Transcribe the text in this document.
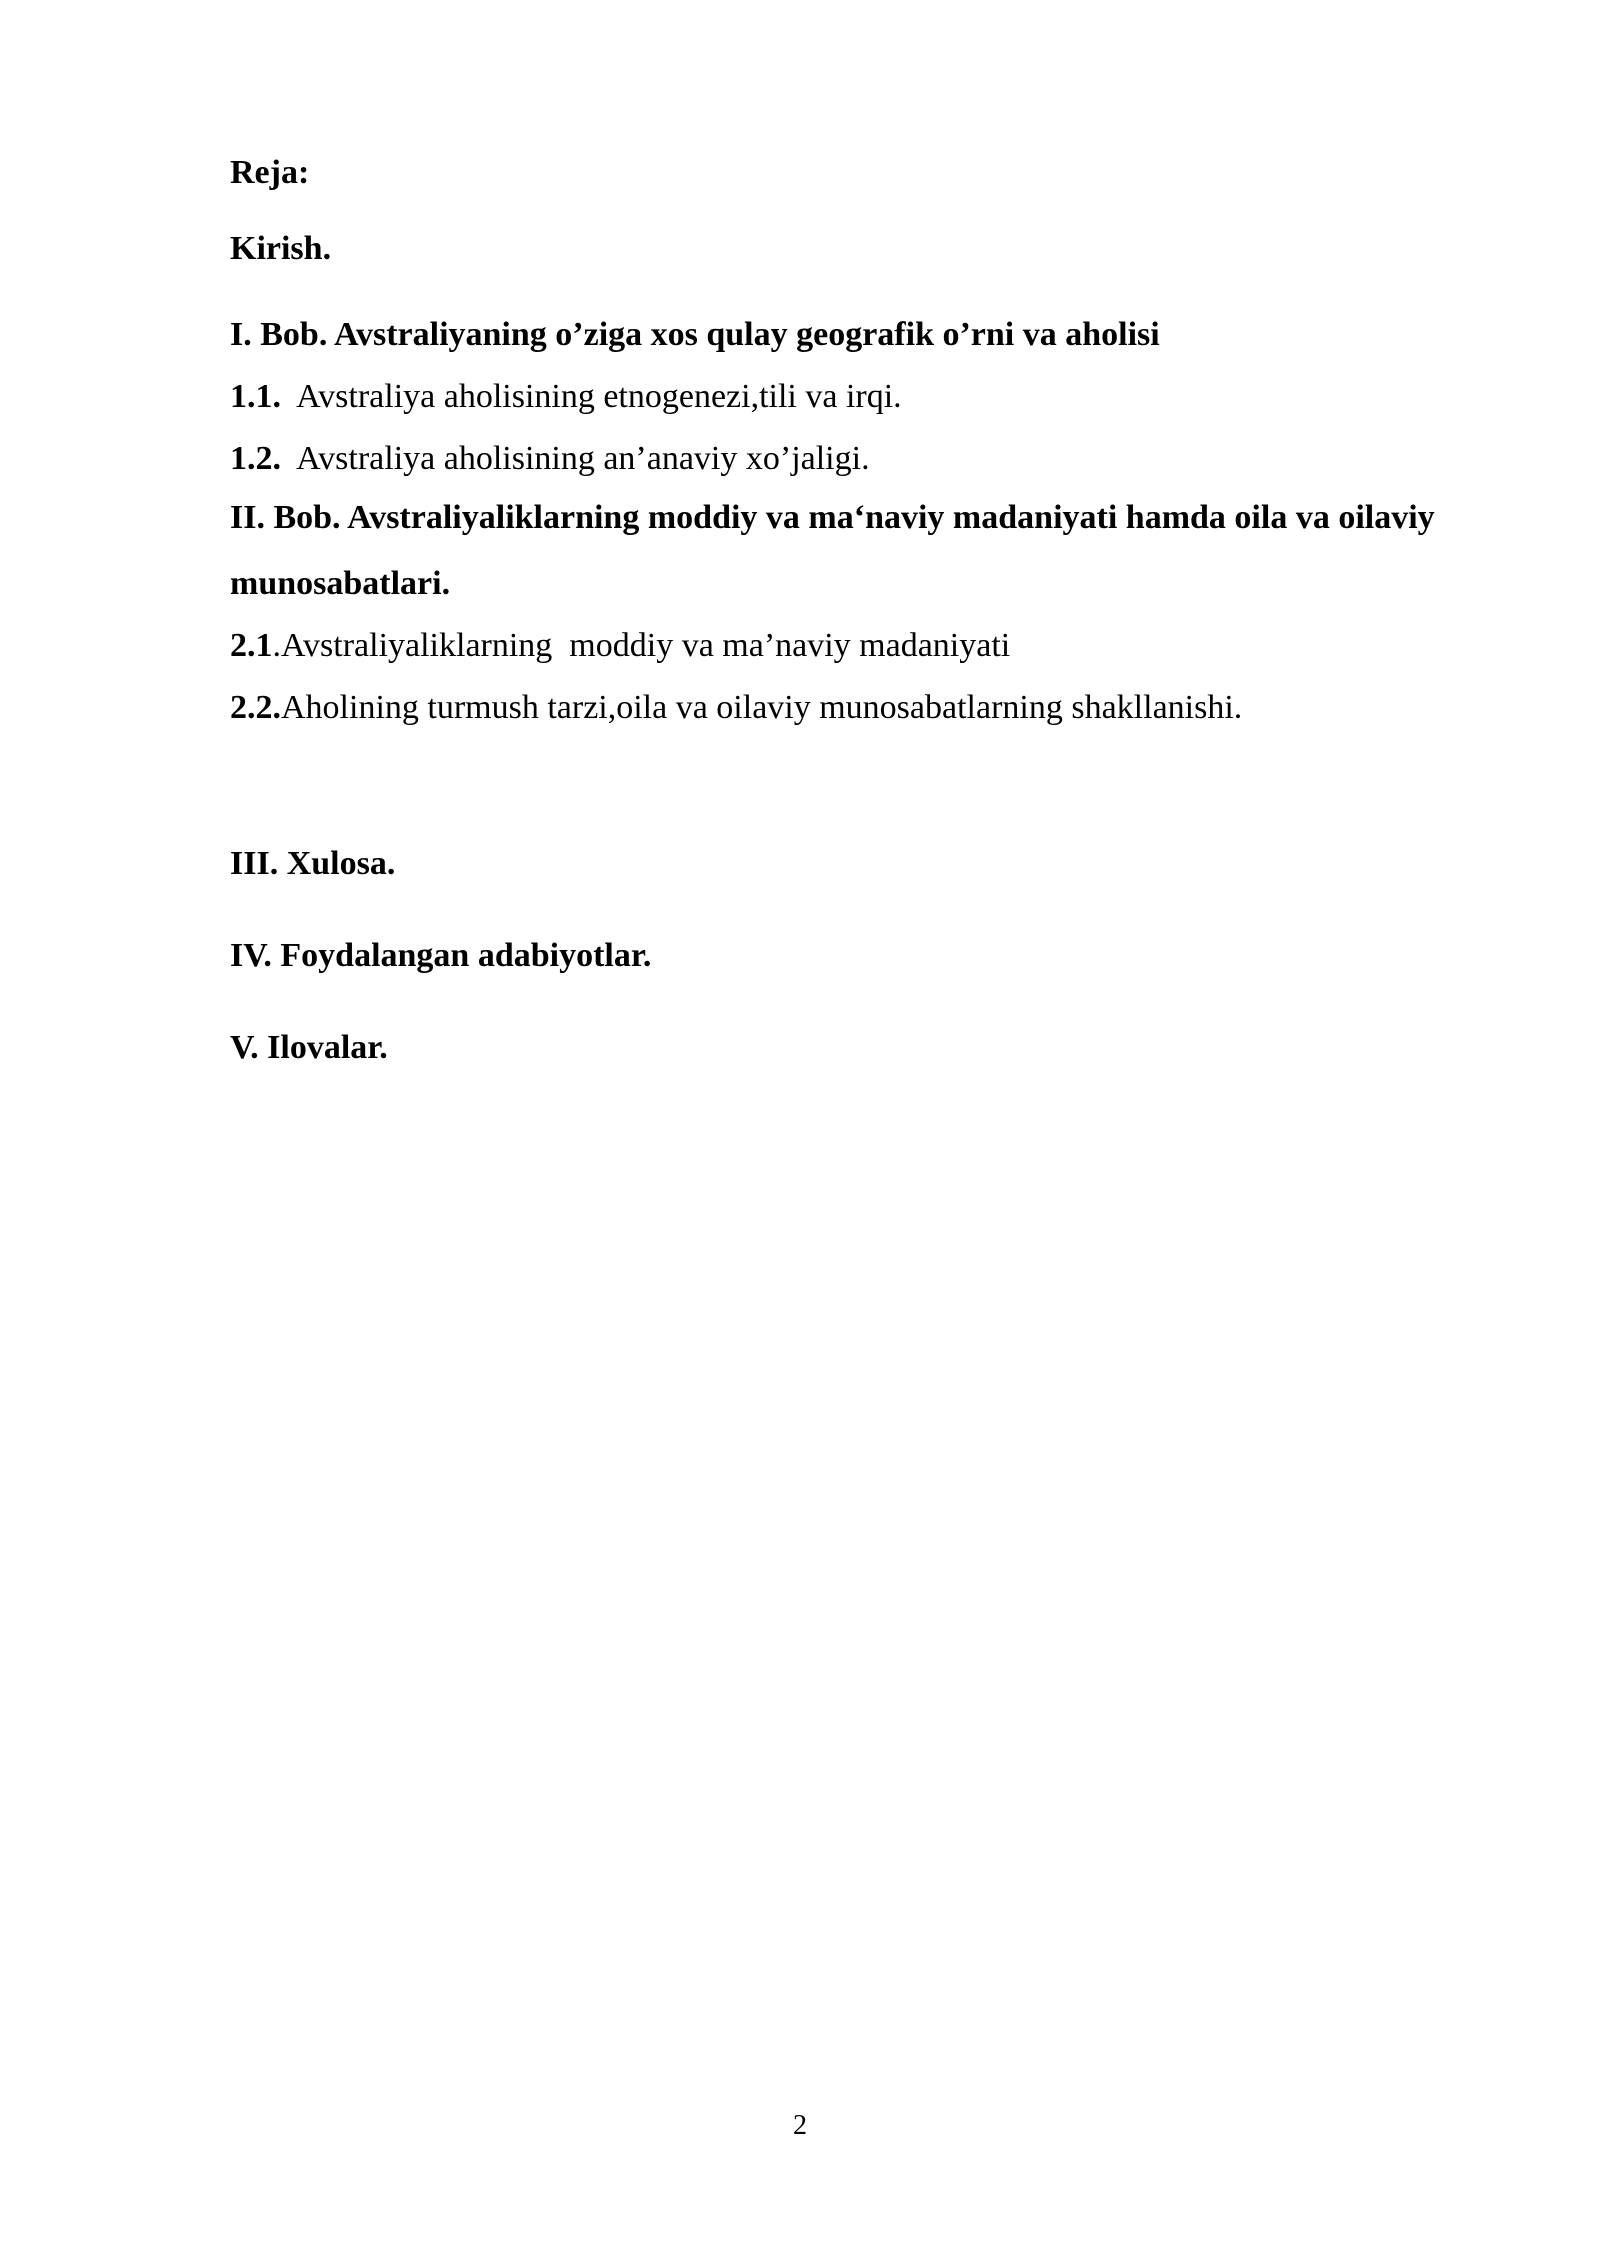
Reja:

Kirish.

I. Bob. Avstraliyaning o’ziga xos qulay geografik o’rni va aholisi

1.1.  Avstraliya aholisining etnogenezi,tili va irqi.

1.2.  Avstraliya aholisining an’anaviy xo’jaligi.

II. Bob. Avstraliyaliklarning moddiy va ma‘naviy madaniyati hamda oila va oilaviy munosabatlari.

2.1.Avstraliyaliklarning  moddiy va ma’naviy madaniyati

2.2.Aholining turmush tarzi,oila va oilaviy munosabatlarning shakllanishi.

III. Xulosa.

IV. Foydalangan adabiyotlar.

V. Ilovalar.

2
